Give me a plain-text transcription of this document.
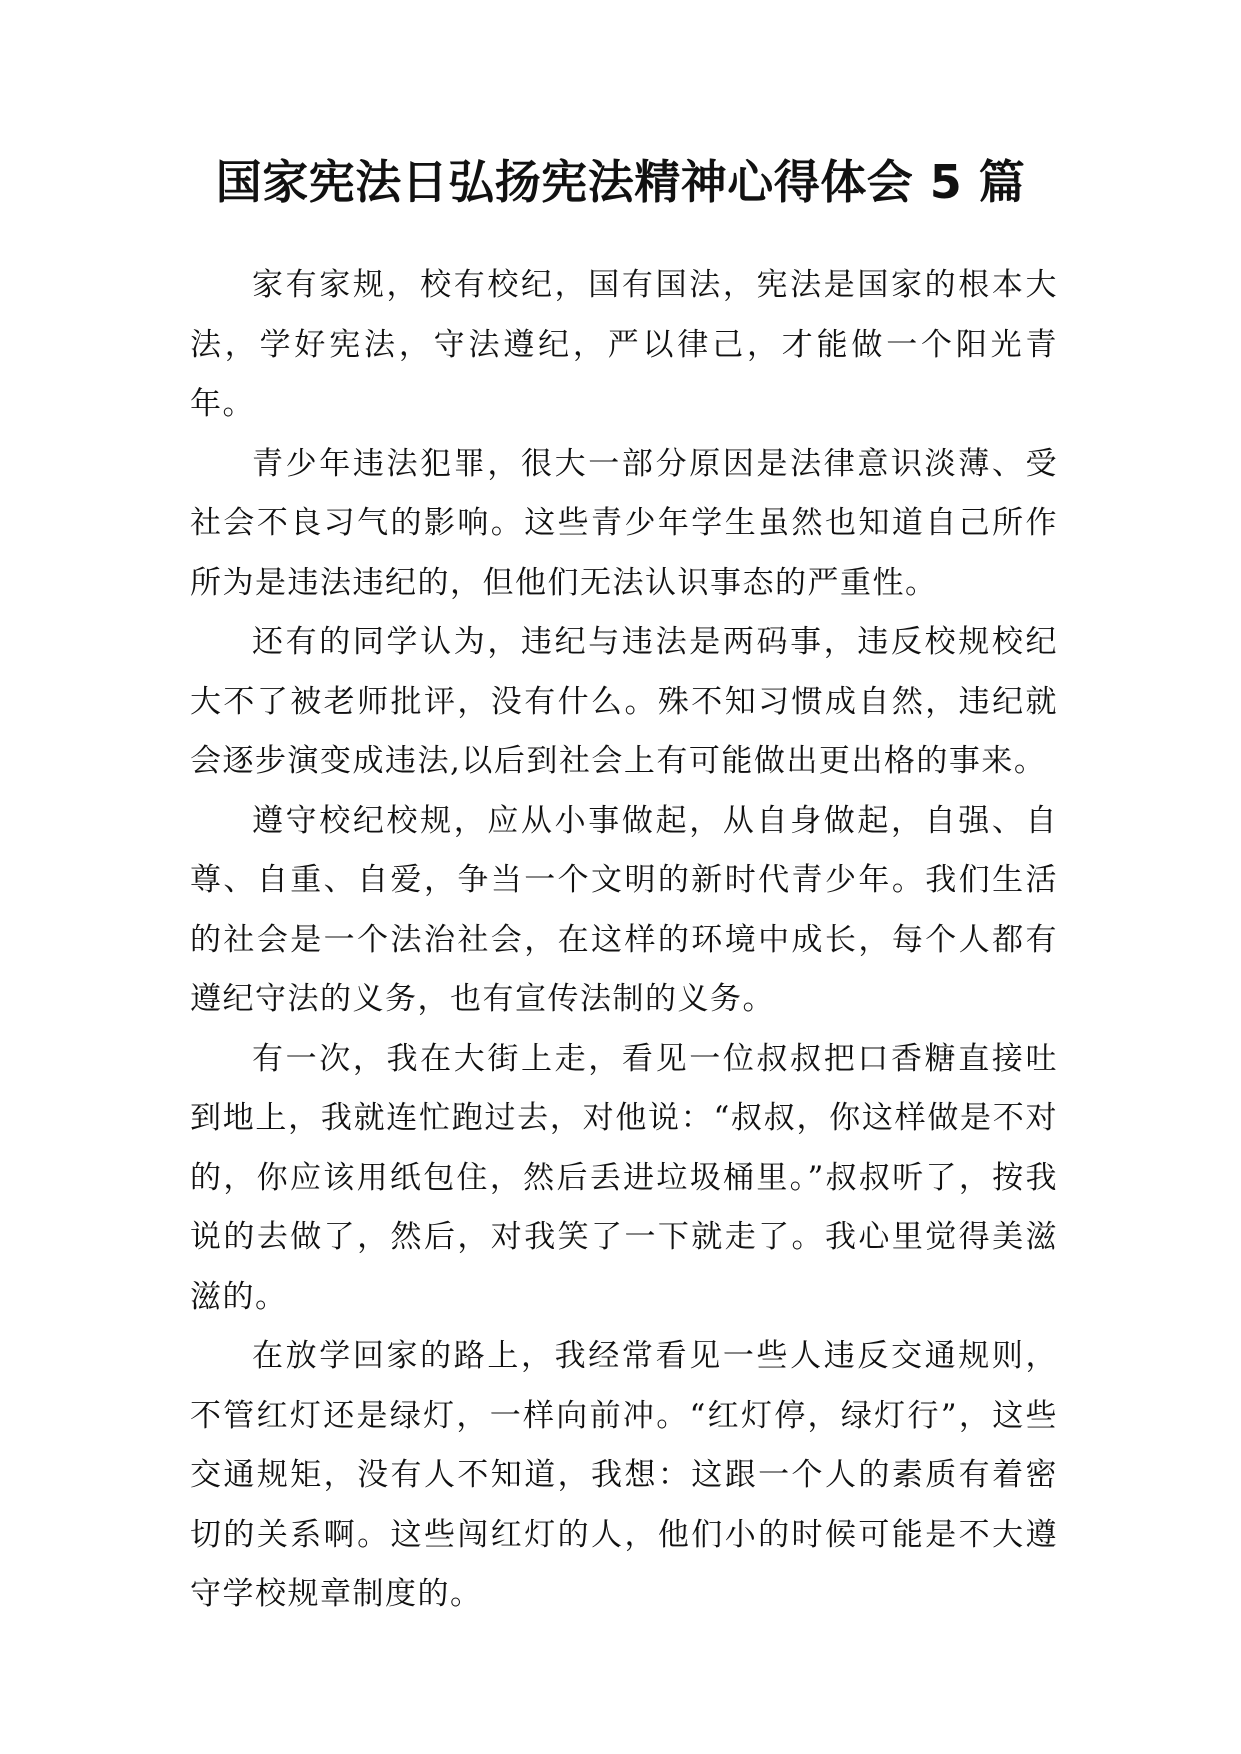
国家宪法日弘扬宪法精神心得体会 5 篇

家有家规，校有校纪，国有国法，宪法是国家的根本大法，学好宪法，守法遵纪，严以律己，才能做一个阳光青年。

青少年违法犯罪，很大一部分原因是法律意识淡薄、受社会不良习气的影响。这些青少年学生虽然也知道自己所作所为是违法违纪的，但他们无法认识事态的严重性。

还有的同学认为，违纪与违法是两码事，违反校规校纪大不了被老师批评，没有什么。殊不知习惯成自然，违纪就会逐步演变成违法,以后到社会上有可能做出更出格的事来。

遵守校纪校规，应从小事做起，从自身做起，自强、自尊、自重、自爱，争当一个文明的新时代青少年。我们生活的社会是一个法治社会，在这样的环境中成长，每个人都有遵纪守法的义务，也有宣传法制的义务。

有一次，我在大街上走，看见一位叔叔把口香糖直接吐到地上，我就连忙跑过去，对他说：“叔叔，你这样做是不对的，你应该用纸包住，然后丢进垃圾桶里。”叔叔听了，按我说的去做了，然后，对我笑了一下就走了。我心里觉得美滋滋的。

在放学回家的路上，我经常看见一些人违反交通规则，不管红灯还是绿灯，一样向前冲。“红灯停，绿灯行”，这些交通规矩，没有人不知道，我想：这跟一个人的素质有着密切的关系啊。这些闯红灯的人，他们小的时候可能是不大遵守学校规章制度的。
